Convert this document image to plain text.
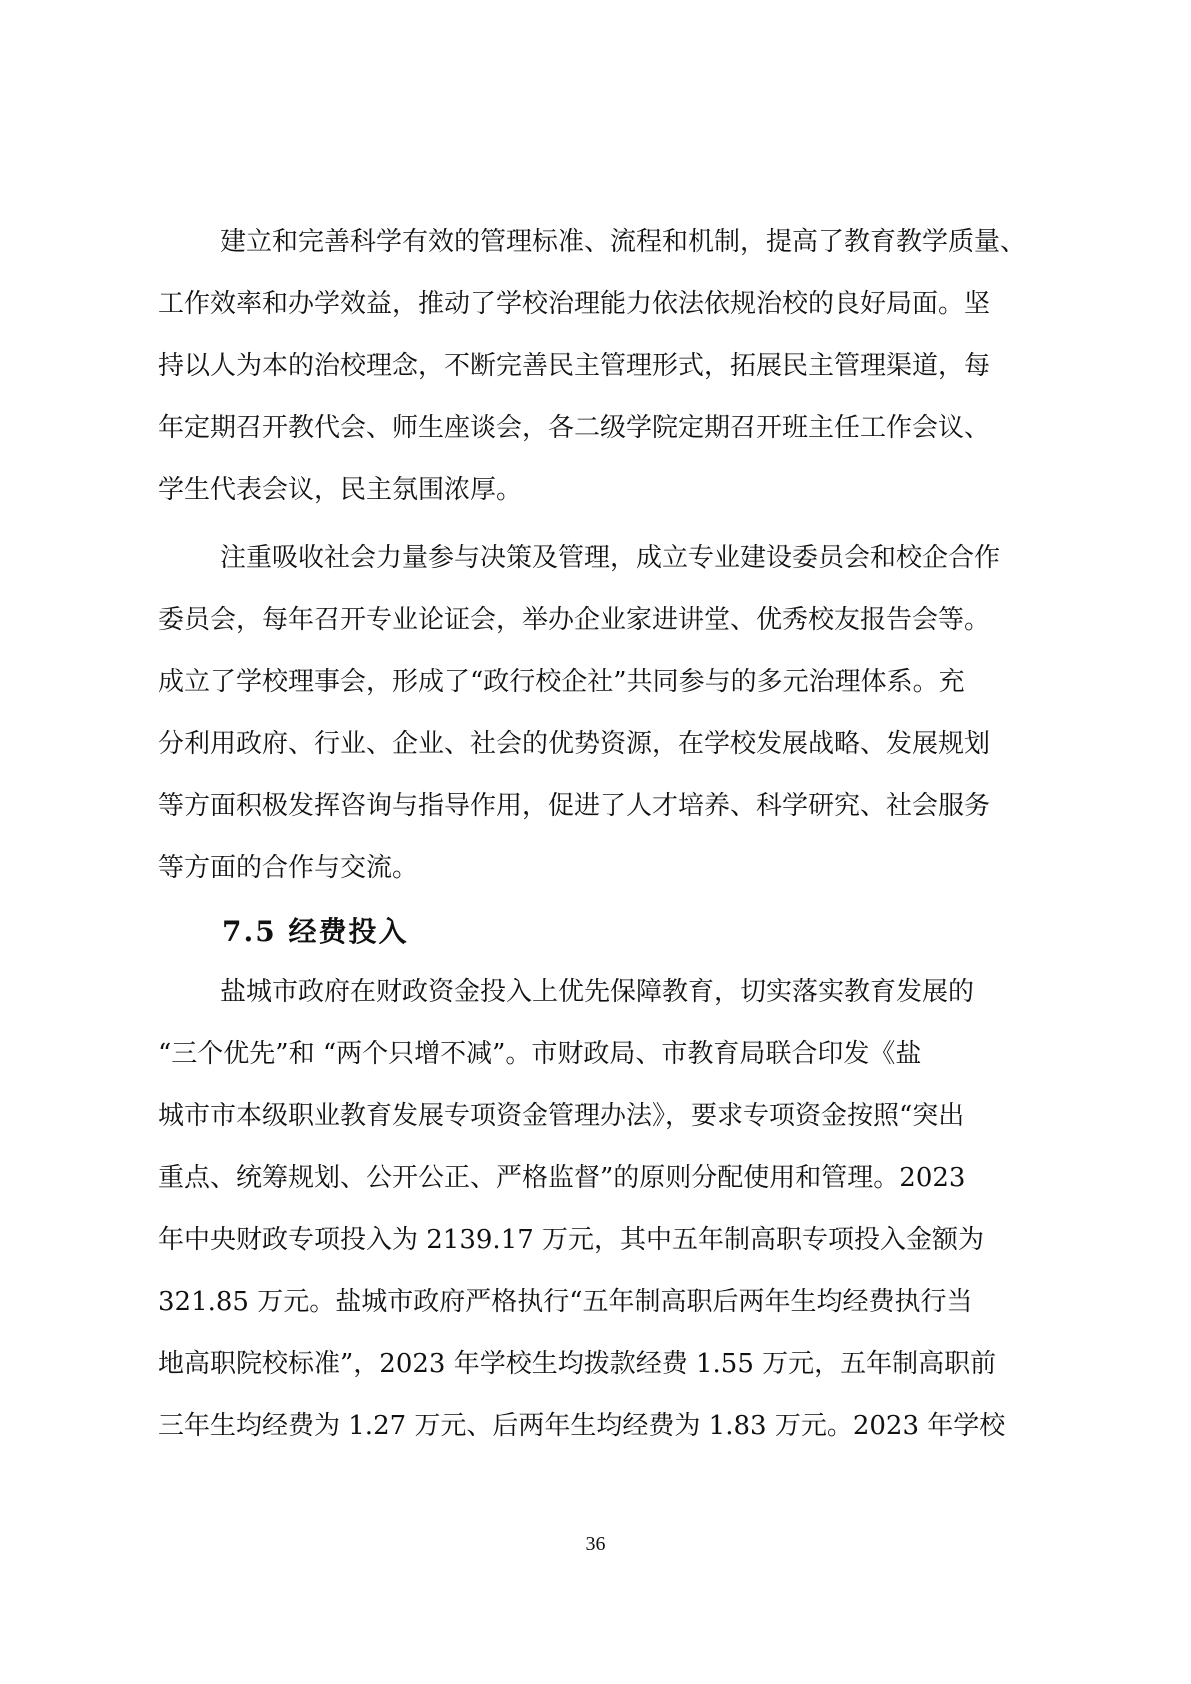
建立和完善科学有效的管理标准、流程和机制，提高了教育教学质量、
工作效率和办学效益，推动了学校治理能力依法依规治校的良好局面。坚
持以人为本的治校理念，不断完善民主管理形式，拓展民主管理渠道，每
年定期召开教代会、师生座谈会，各二级学院定期召开班主任工作会议、
学生代表会议，民主氛围浓厚。
注重吸收社会力量参与决策及管理，成立专业建设委员会和校企合作
委员会，每年召开专业论证会，举办企业家进讲堂、优秀校友报告会等。
成立了学校理事会，形成了“政行校企社”共同参与的多元治理体系。充
分利用政府、行业、企业、社会的优势资源，在学校发展战略、发展规划
等方面积极发挥咨询与指导作用，促进了人才培养、科学研究、社会服务
等方面的合作与交流。
7.5 经费投入
盐城市政府在财政资金投入上优先保障教育，切实落实教育发展的
“三个优先”和 “两个只增不减”。市财政局、市教育局联合印发《盐
城市市本级职业教育发展专项资金管理办法》，要求专项资金按照“突出
重点、统筹规划、公开公正、严格监督”的原则分配使用和管理。2023
年中央财政专项投入为 2139.17 万元，其中五年制高职专项投入金额为
321.85 万元。盐城市政府严格执行“五年制高职后两年生均经费执行当
地高职院校标准”，2023 年学校生均拨款经费 1.55 万元，五年制高职前
三年生均经费为 1.27 万元、后两年生均经费为 1.83 万元。2023 年学校
36
